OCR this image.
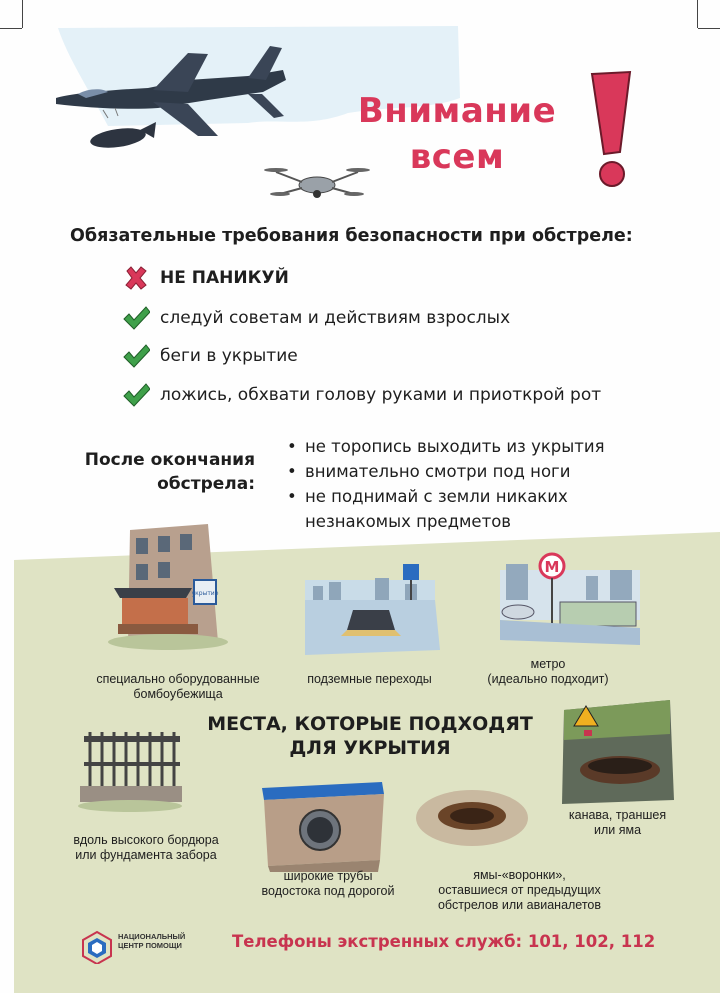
Внимание
всем
Обязательные требования безопасности при обстреле:
НЕ ПАНИКУЙ
следуй советам и действиям взрослых
беги в укрытие
ложись, обхвати голову руками и приоткрой рот
После окончания
обстрела:
• не торопись выходить из укрытия
• внимательно смотри под ноги
• не поднимай с земли никаких
незнакомых предметов
укрытие
М
специально оборудованные
бомбоубежища
подземные переходы
метро
(идеально подходит)
МЕСТА, КОТОРЫЕ ПОДХОДЯТ
ДЛЯ УКРЫТИЯ
вдоль высокого бордюра
или фундамента забора
канава, траншея
или яма
широкие трубы
водостока под дорогой
ямы-«воронки»,
оставшиеся от предыдущих
обстрелов или авианалетов
НАЦИОНАЛЬНЫЙ
ЦЕНТР ПОМОЩИ	Телефоны экстренных служб: 101, 102, 112
